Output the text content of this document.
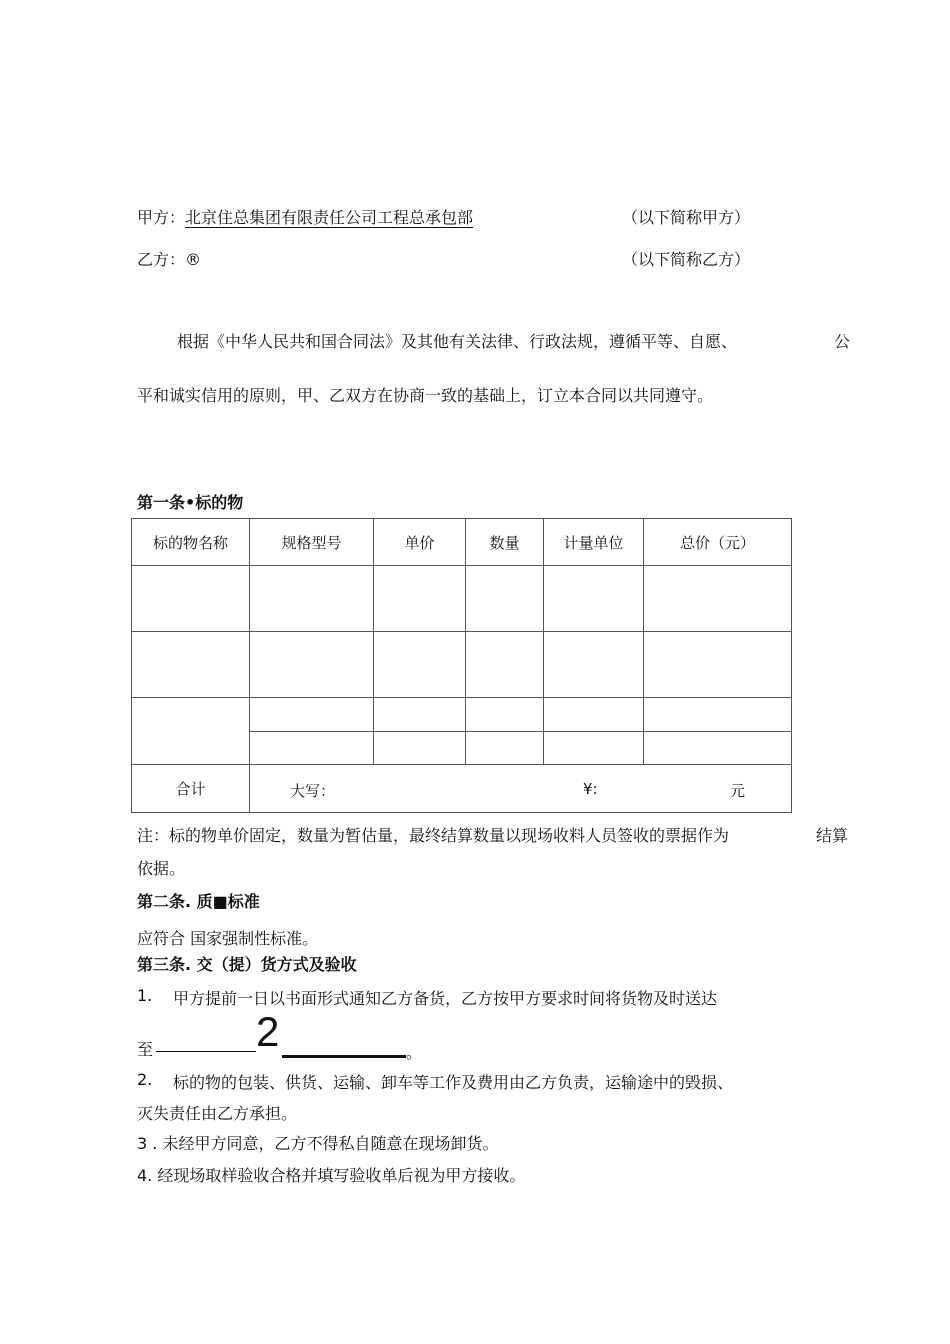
甲方：北京住总集团有限责任公司工程总承包部	（以下简称甲方）
乙方：®	（以下简称乙方）
根据《中华人民共和国合同法》及其他有关法律、行政法规，遵循平等、自愿、	公
平和诚实信用的原则，甲、乙双方在协商一致的基础上，订立本合同以共同遵守。
第一条•标的物
标的物名称	规格型号	单价	数量	计量单位	总价（元）

合计	大写： ¥: 元				
注：标的物单价固定，数量为暂估量，最终结算数量以现场收料人员签收的票据作为	结算
依据。
第二条. 质■标准
应符合 国家强制性标准。
第三条. 交（提）货方式及验收
1. 甲方提前一日以书面形式通知乙方备货，乙方按甲方要求时间将货物及时送达
至 2	。
2. 标的物的包装、供货、运输、卸车等工作及费用由乙方负责，运输途中的毁损、
灭失责任由乙方承担。
3 . 未经甲方同意，乙方不得私自随意在现场卸货。
4. 经现场取样验收合格并填写验收单后视为甲方接收。
